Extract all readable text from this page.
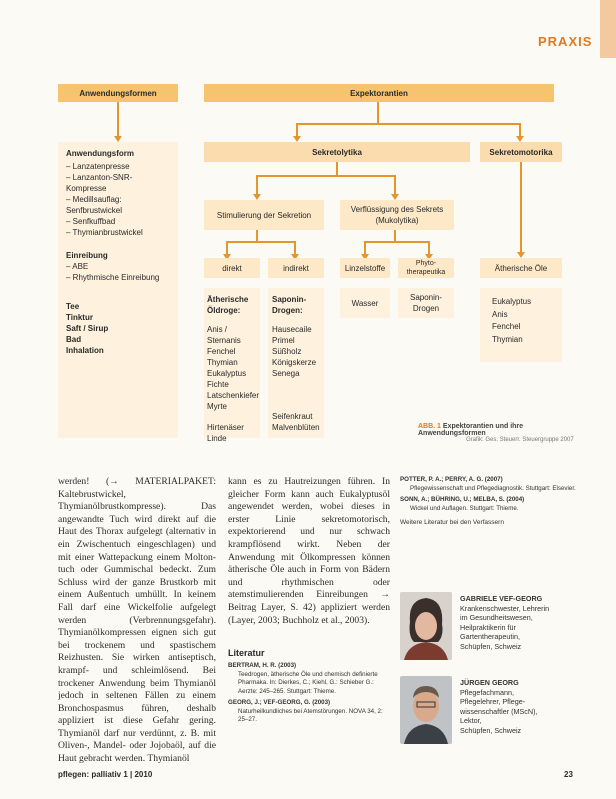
PRAXIS
Anwendungsformen	Expektorantien
Sekretolytika	Sekretomotorika
Stimulierung der Sekretion
Verflüssigung des Sekrets (Mukolytika)
direkt	indirekt	Linzelstoffe	Phyto-therapeutika	Ätherische Öle
Anwendungsform
– Lanzatenpresse
– Lanzanton-SNR-Kompresse
– Medillsauflag: Senfbrustwickel
– Senfkuffbad
– Thymianbrustwickel
Einreibung
– ABE
– Rhythmische Einreibung
Tee
Tinktur
Saft / Sirup
Bad
Inhalation
Ätherische Öldroge:
Anis / Sternanis
Fenchel
Thymian
Eukalyptus
Fichte
Latschenkiefer
Myrte
Hirtenäser
Linde
Saponin-Drogen:
Hausecaile
Primel
Süßholz
Königskerze
Senega
Seifenkraut
Malvenblüten
Wasser
Saponin-Drogen
Eukalyptus
Anis
Fenchel
Thymian
ABB. 1 Expektorantien und ihre Anwendungsformen
Grafik: Ges. Steuerr. Steuergruppe 2007
werden! (→ MATERIALPAKET: Kaltebrustwickel, Thymianölbrustkompresse). Das angewandte Tuch wird direkt auf die Haut des Thorax aufgelegt (alternativ in ein Zwischentuch eingeschlagen) und mit einer Wattepackung einem Molton-tuch oder Gummischal bedeckt. Zum Schluss wird der ganze Brustkorb mit einem Außentuch umhüllt. In keinem Fall darf eine Wickelfolie aufgelegt werden (Verbrennungsgefahr). Thymianölkompressen eignen sich gut bei trockenem und spastischem Reizhusten. Sie wirken antiseptisch, krampf- und schleimlösend. Bei trockener Anwendung beim Thymianöl jedoch in seltenen Fällen zu einem Bronchospasmus führen, deshalb appliziert ist diese Gefahr gering. Thymianöl darf nur verdünnt, z. B. mit Oliven-, Mandel- oder Jojobaöl, auf die Haut gebracht werden. Thymianöl
kann es zu Hautreizungen führen. In gleicher Form kann auch Eukalyptusöl angewendet werden, wobei dieses in erster Linie sekretomotorisch, expektorierend und nur schwach krampflösend wirkt. Neben der Anwendung mit Ölkompressen können ätherische Öle auch in Form von Bädern und rhythmischen oder atemstimulierenden Einreibungen → Beitrag Layer, S. 42) appliziert werden (Layer, 2003; Buchholz et al., 2003).
Literatur
BERTRAM, H. R. (2003)
Teedrogen, ätherische Öle und chemisch definierte Pharmaka. In: Dierkes, C.; Kiehl, G.: Schieber G.: Aerzte: 245–265. Stuttgart: Thieme.
GEORG, J.; VEF-GEORG, G. (2003)
Naturheilkundliches bei Atemstörungen. NOVA 34, 2: 25–27.
POTTER, P. A.; PERRY, A. G. (2007)
Pflegewissenschaft und Pflegediagnostik. Stuttgart: Elsevier.
SONN, A.; BÜHRING, U.; MELBA, S. (2004)
Wickel und Auflagen. Stuttgart: Thieme.
Weitere Literatur bei den Verfassern
GABRIELE VEF-GEORG
Krankenschwester, Lehrerin
im Gesundheitswesen,
Heilpraktikerin für
Gartentherapeutin,
Schüpfen, Schweiz
JÜRGEN GEORG
Pflegefachmann,
Pflegelehrer, Pflege-
wissenschaftler (MScN),
Lektor,
Schüpfen, Schweiz
pflegen: palliativ 1 | 2010	23
